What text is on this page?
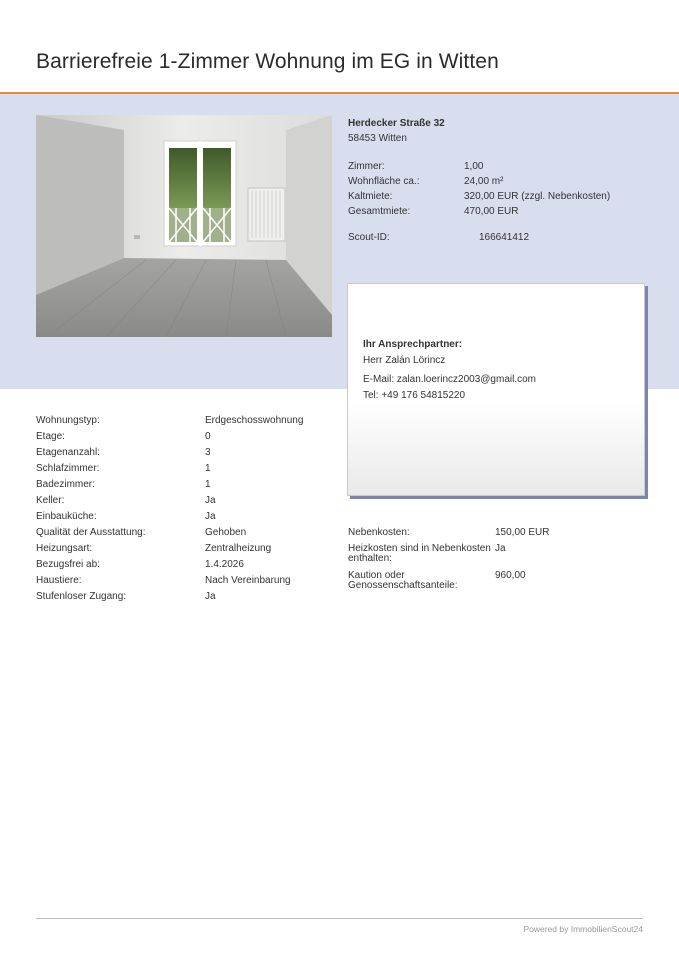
Barrierefreie 1-Zimmer Wohnung im EG in Witten
Herdecker Straße 32
58453 Witten
Zimmer:	1,00
Wohnfläche ca.:	24,00 m²
Kaltmiete:	320,00 EUR (zzgl. Nebenkosten)
Gesamtmiete:	470,00 EUR
Scout-ID:	166641412
Ihr Ansprechpartner:
Herr Zalán Lörincz
E-Mail: zalan.loerincz2003@gmail.com
Tel: +49 176 54815220
Wohnungstyp:	Erdgeschosswohnung
Etage:	0
Etagenanzahl:	3
Schlafzimmer:	1
Badezimmer:	1
Keller:	Ja
Einbauküche:	Ja
Qualität der Ausstattung:	Gehoben
Heizungsart:	Zentralheizung
Bezugsfrei ab:	1.4.2026
Haustiere:	Nach Vereinbarung
Stufenloser Zugang:	Ja
Nebenkosten:	150,00 EUR
Heizkosten sind in Nebenkosten enthalten:
Ja
Kaution oder Genossenschaftsanteile:
960,00
Powered by ImmobilienScout24
